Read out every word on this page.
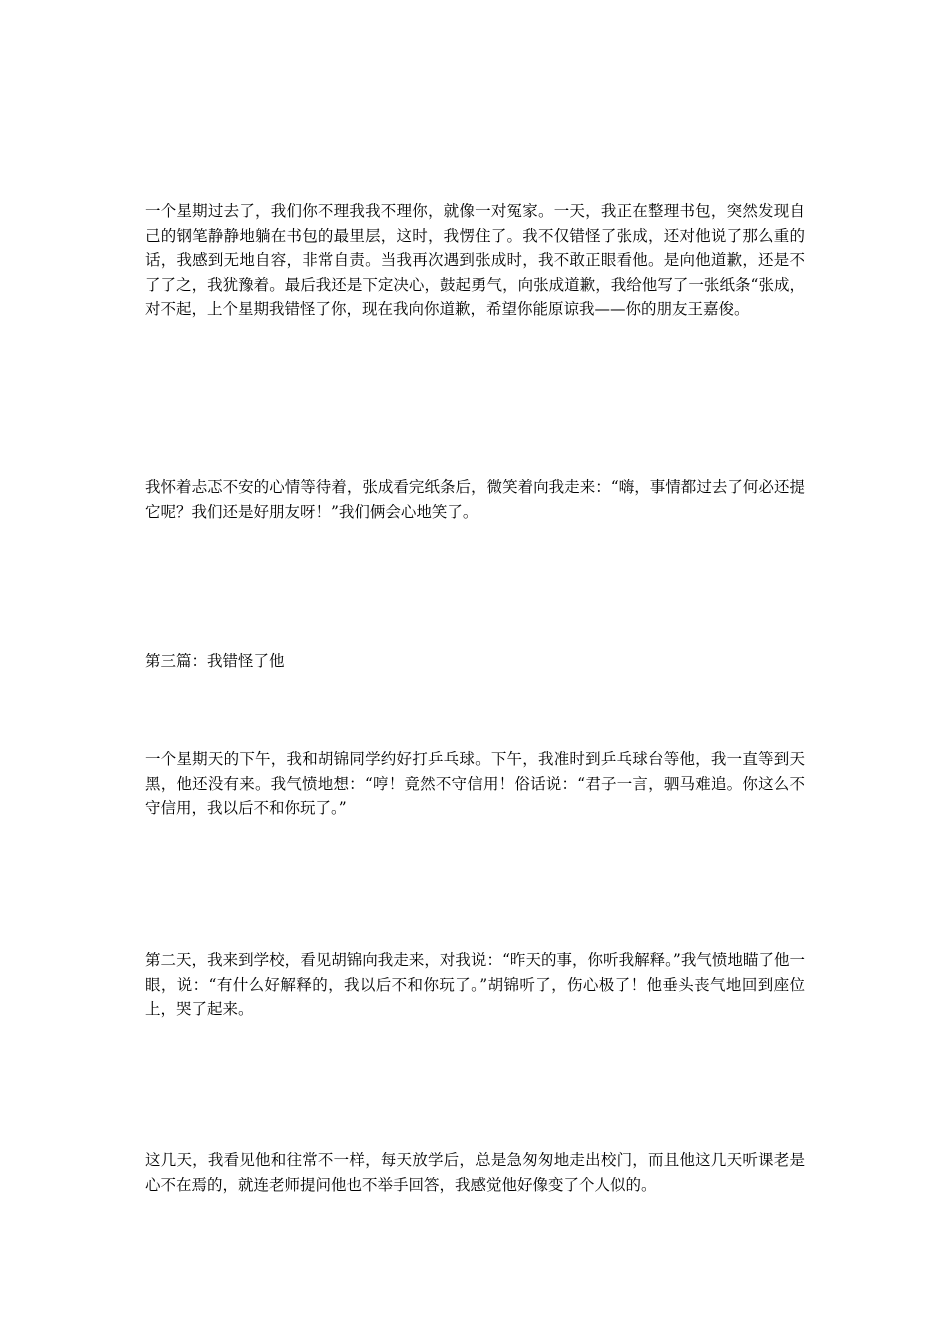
一个星期过去了，我们你不理我我不理你，就像一对冤家。一天，我正在整理书包，突然发现自己的钢笔静静地躺在书包的最里层，这时，我愣住了。我不仅错怪了张成，还对他说了那么重的话，我感到无地自容，非常自责。当我再次遇到张成时，我不敢正眼看他。是向他道歉，还是不了了之，我犹豫着。最后我还是下定决心，鼓起勇气，向张成道歉，我给他写了一张纸条“张成，对不起，上个星期我错怪了你，现在我向你道歉，希望你能原谅我——你的朋友王嘉俊。

我怀着忐忑不安的心情等待着，张成看完纸条后，微笑着向我走来：“嗨，事情都过去了何必还提它呢？我们还是好朋友呀！”我们俩会心地笑了。

第三篇：我错怪了他

一个星期天的下午，我和胡锦同学约好打乒乓球。下午，我准时到乒乓球台等他，我一直等到天黑，他还没有来。我气愤地想：“哼！竟然不守信用！俗话说：“君子一言，驷马难追。你这么不守信用，我以后不和你玩了。”

第二天，我来到学校，看见胡锦向我走来，对我说：“昨天的事，你听我解释。”我气愤地瞄了他一眼，说：“有什么好解释的，我以后不和你玩了。”胡锦听了，伤心极了！他垂头丧气地回到座位上，哭了起来。

这几天，我看见他和往常不一样，每天放学后，总是急匆匆地走出校门，而且他这几天听课老是心不在焉的，就连老师提问他也不举手回答，我感觉他好像变了个人似的。
